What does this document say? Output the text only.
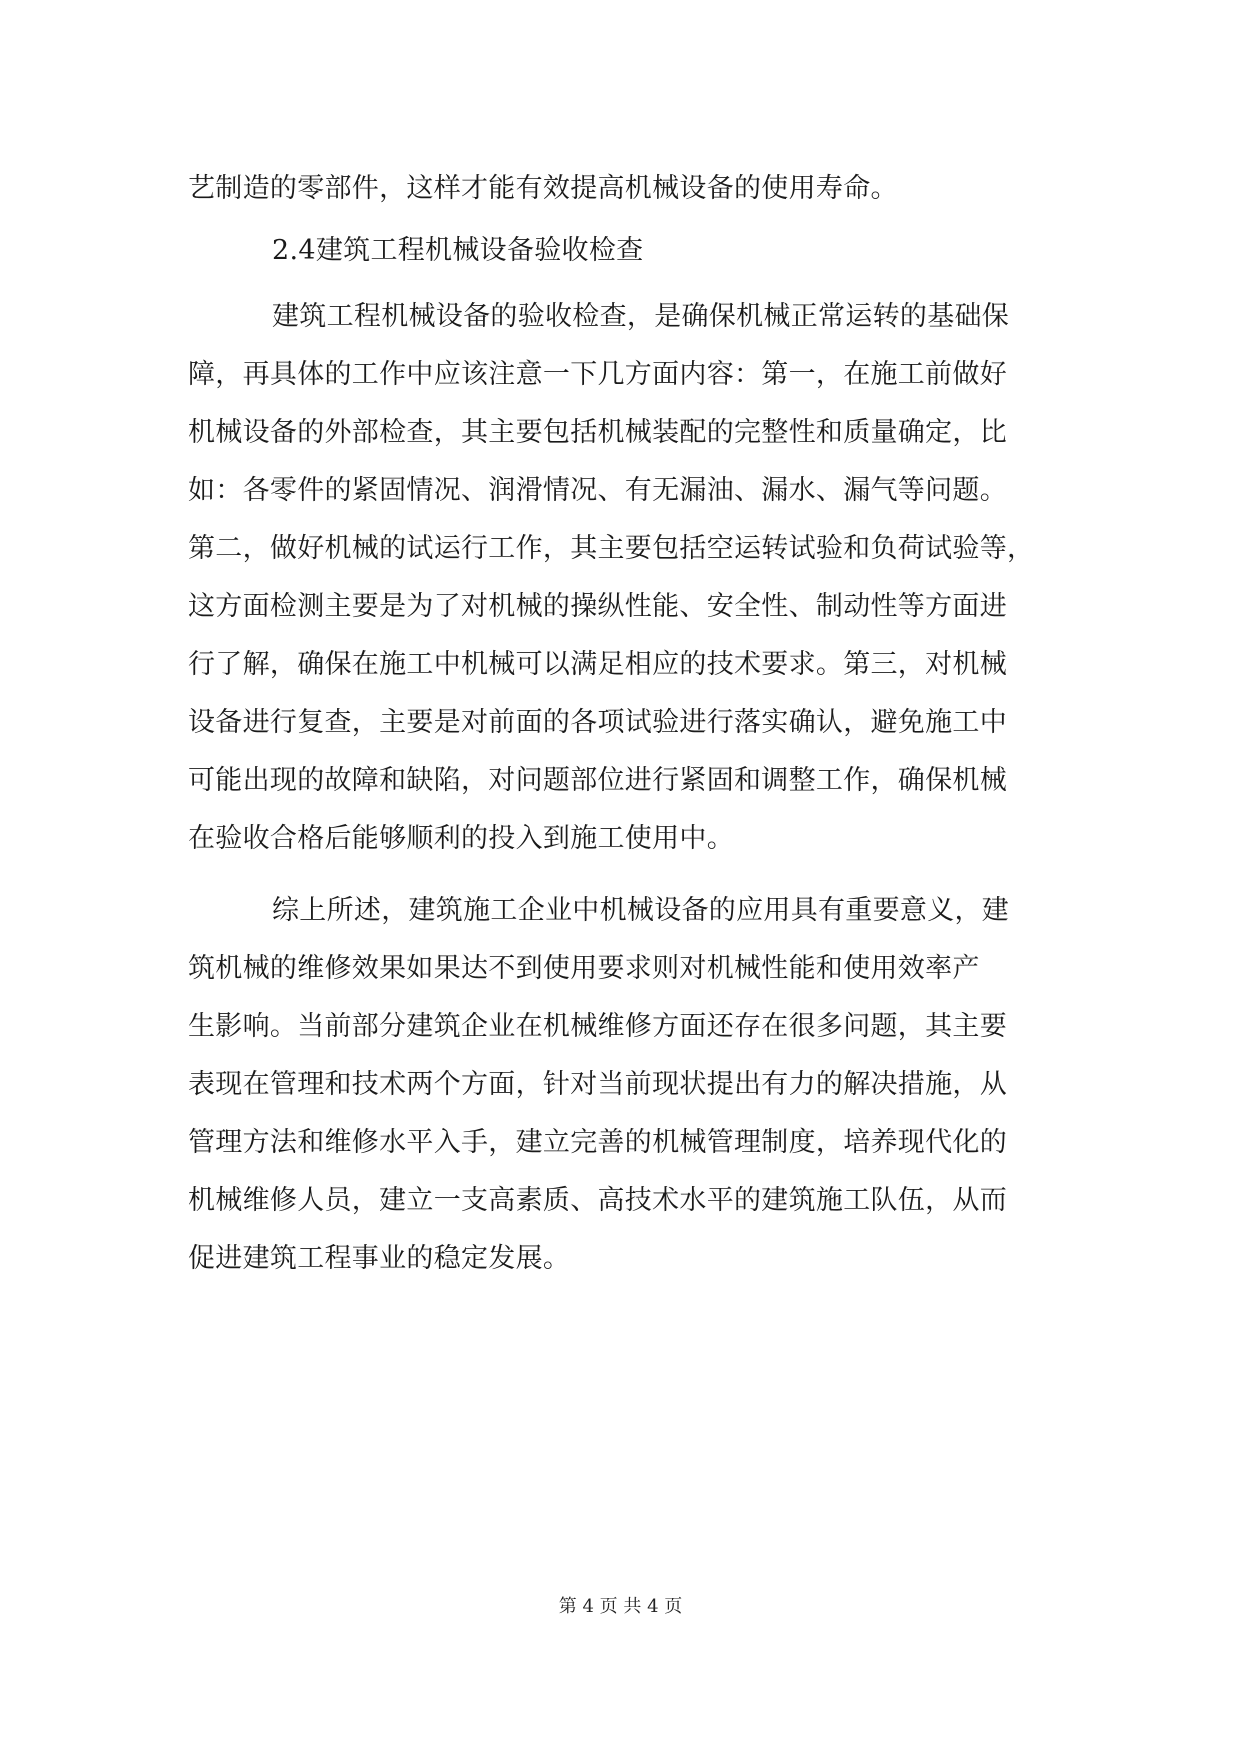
艺制造的零部件，这样才能有效提高机械设备的使用寿命。
2.4建筑工程机械设备验收检查
建筑工程机械设备的验收检查，是确保机械正常运转的基础保
障，再具体的工作中应该注意一下几方面内容：第一，在施工前做好
机械设备的外部检查，其主要包括机械装配的完整性和质量确定，比
如：各零件的紧固情况、润滑情况、有无漏油、漏水、漏气等问题。
第二，做好机械的试运行工作，其主要包括空运转试验和负荷试验等，
这方面检测主要是为了对机械的操纵性能、安全性、制动性等方面进
行了解，确保在施工中机械可以满足相应的技术要求。第三，对机械
设备进行复查，主要是对前面的各项试验进行落实确认，避免施工中
可能出现的故障和缺陷，对问题部位进行紧固和调整工作，确保机械
在验收合格后能够顺利的投入到施工使用中。
综上所述，建筑施工企业中机械设备的应用具有重要意义，建
筑机械的维修效果如果达不到使用要求则对机械性能和使用效率产
生影响。当前部分建筑企业在机械维修方面还存在很多问题，其主要
表现在管理和技术两个方面，针对当前现状提出有力的解决措施，从
管理方法和维修水平入手，建立完善的机械管理制度，培养现代化的
机械维修人员，建立一支高素质、高技术水平的建筑施工队伍，从而
促进建筑工程事业的稳定发展。
第 4 页 共 4 页
